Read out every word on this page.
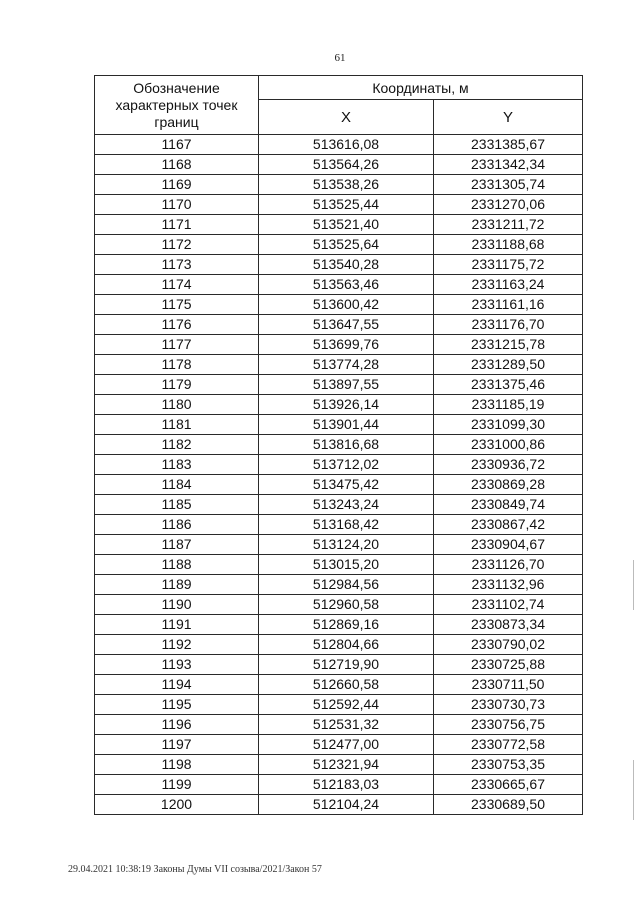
61
Обозначение характерных точек границ	Координаты, м	
	X	Y
1167	513616,08	2331385,67
1168	513564,26	2331342,34
1169	513538,26	2331305,74
1170	513525,44	2331270,06
1171	513521,40	2331211,72
1172	513525,64	2331188,68
1173	513540,28	2331175,72
1174	513563,46	2331163,24
1175	513600,42	2331161,16
1176	513647,55	2331176,70
1177	513699,76	2331215,78
1178	513774,28	2331289,50
1179	513897,55	2331375,46
1180	513926,14	2331185,19
1181	513901,44	2331099,30
1182	513816,68	2331000,86
1183	513712,02	2330936,72
1184	513475,42	2330869,28
1185	513243,24	2330849,74
1186	513168,42	2330867,42
1187	513124,20	2330904,67
1188	513015,20	2331126,70
1189	512984,56	2331132,96
1190	512960,58	2331102,74
1191	512869,16	2330873,34
1192	512804,66	2330790,02
1193	512719,90	2330725,88
1194	512660,58	2330711,50
1195	512592,44	2330730,73
1196	512531,32	2330756,75
1197	512477,00	2330772,58
1198	512321,94	2330753,35
1199	512183,03	2330665,67
1200	512104,24	2330689,50
29.04.2021 10:38:19 Законы Думы VII созыва/2021/Закон 57
